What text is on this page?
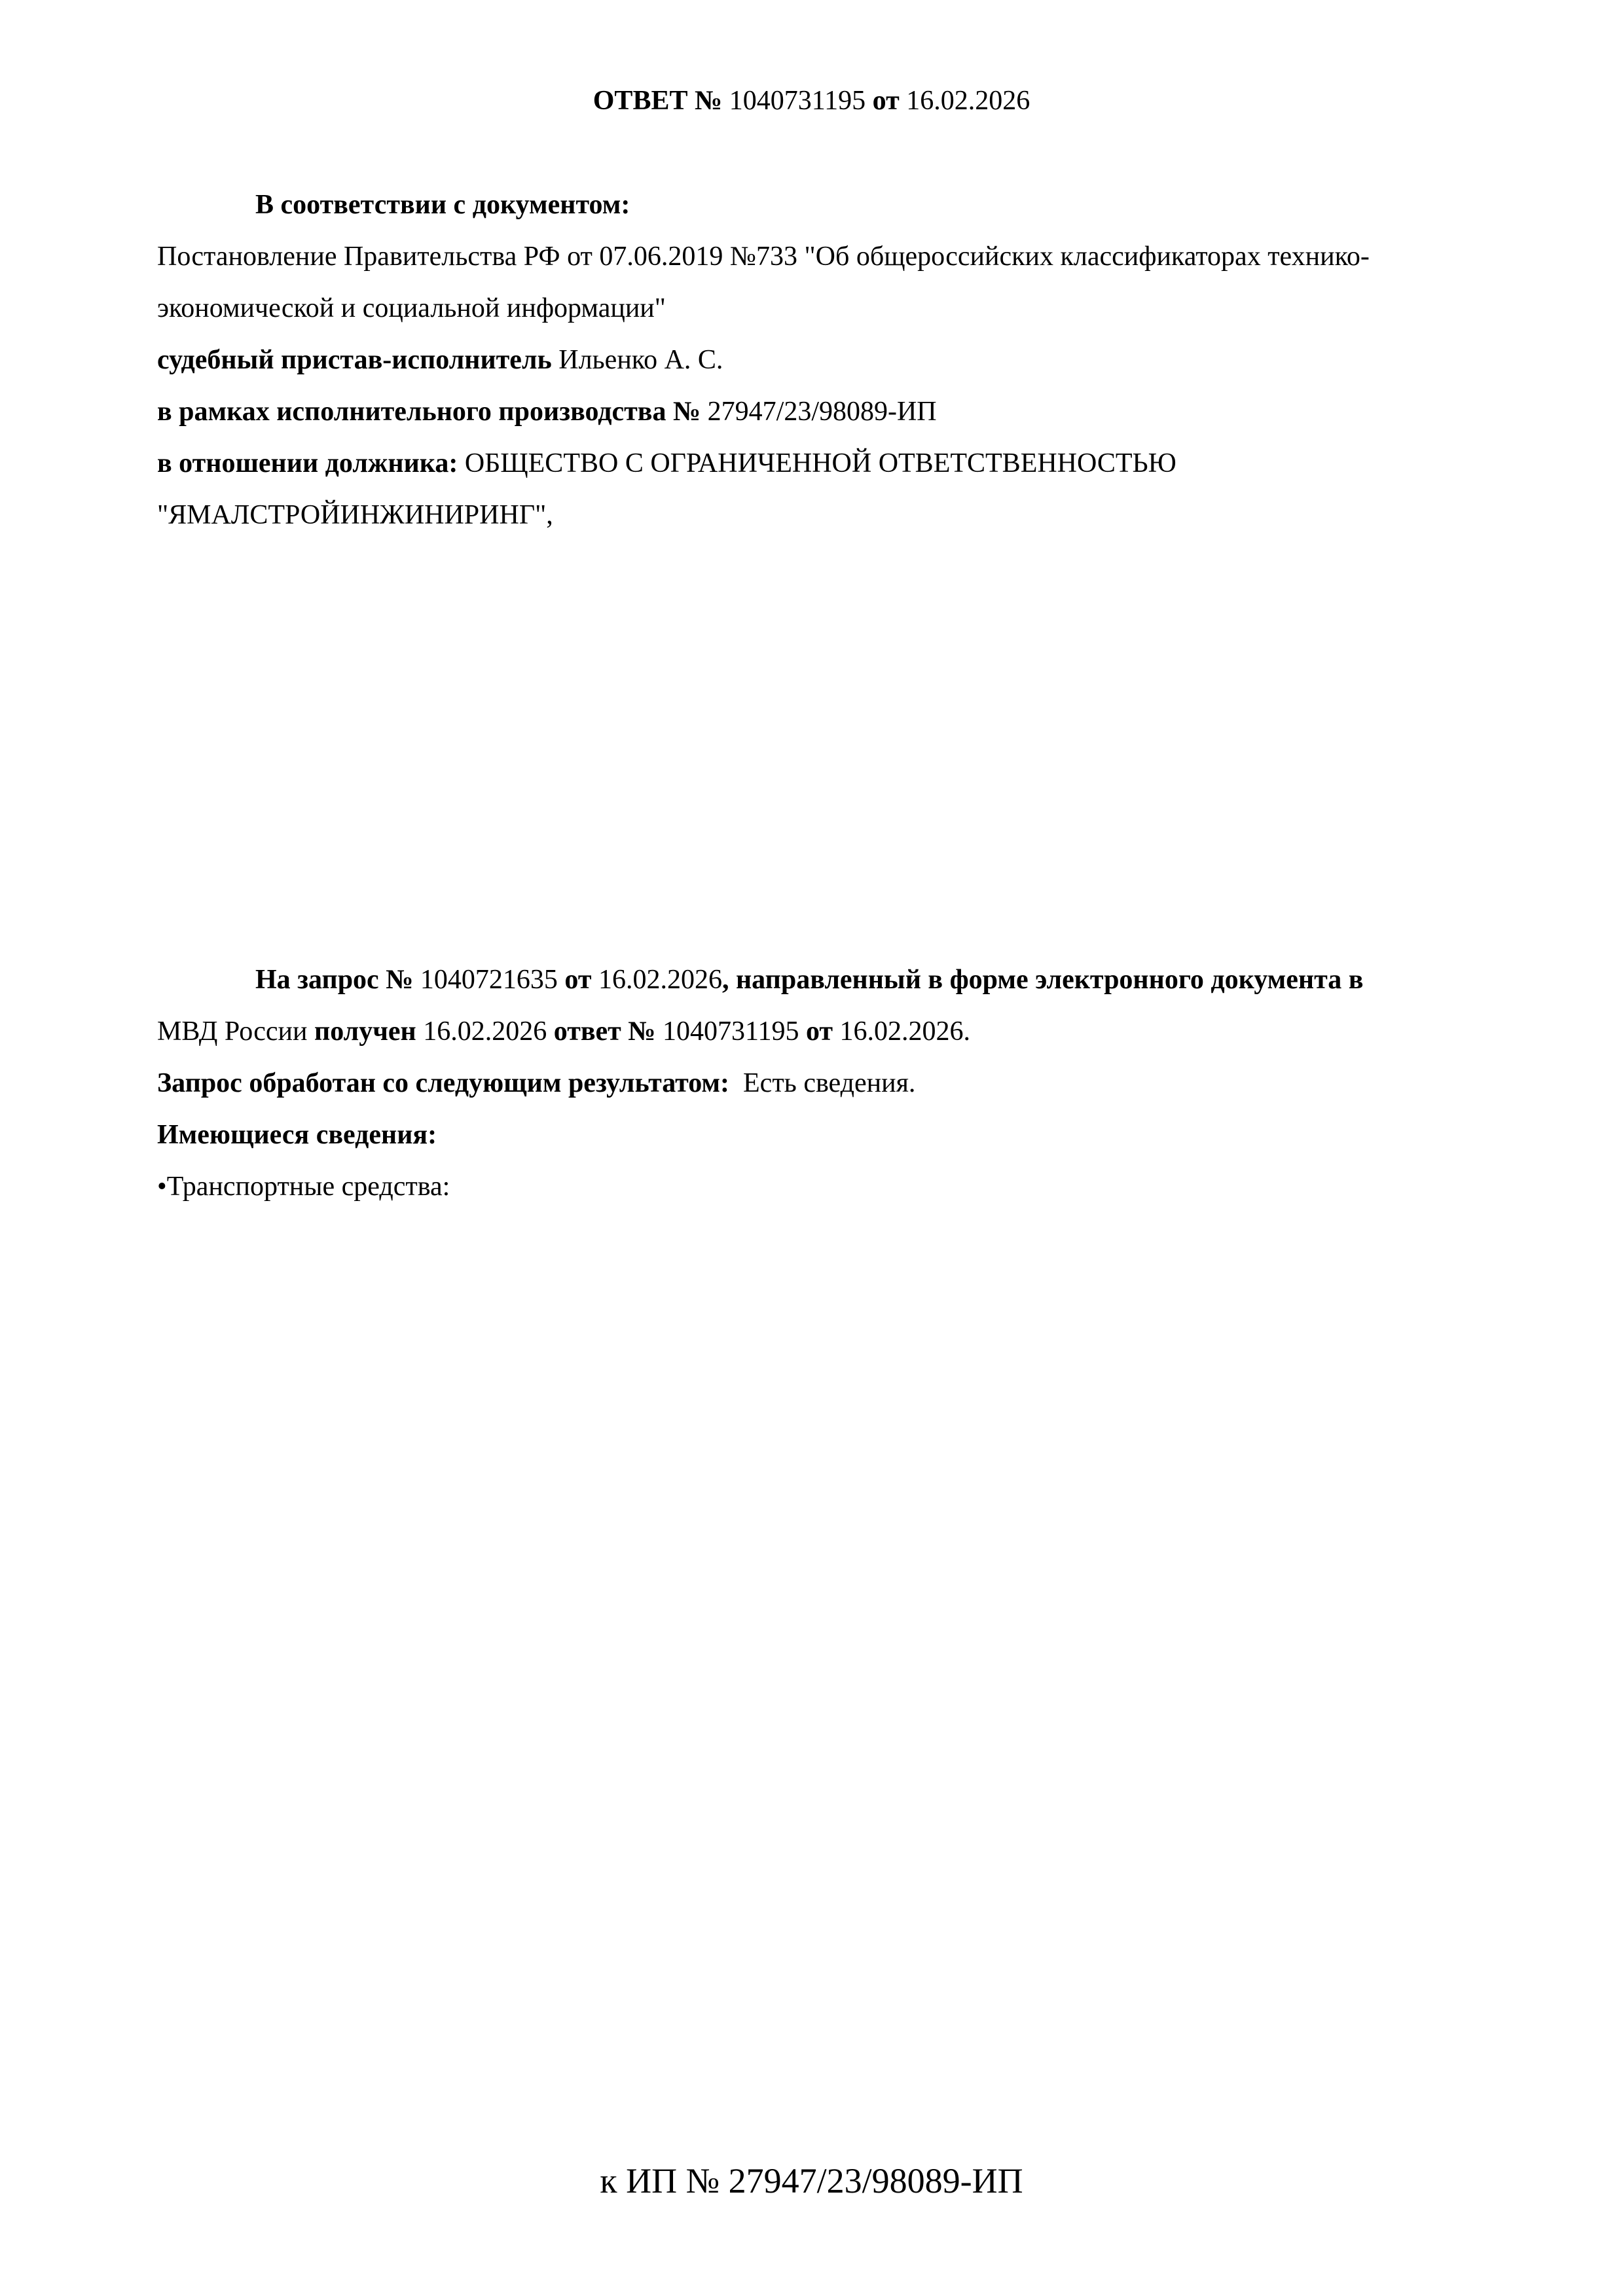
ОТВЕТ № 1040731195 от 16.02.2026
В соответствии с документом:
Постановление Правительства РФ от 07.06.2019 №733 "Об общероссийских классификаторах технико-
экономической и социальной информации"
судебный пристав-исполнитель Ильенко А. С.
в рамках исполнительного производства № 27947/23/98089-ИП
в отношении должника: ОБЩЕСТВО С ОГРАНИЧЕННОЙ ОТВЕТСТВЕННОСТЬЮ
"ЯМАЛСТРОЙИНЖИНИРИНГ",
На запрос № 1040721635 от 16.02.2026, направленный в форме электронного документа в
МВД России получен 16.02.2026 ответ № 1040731195 от 16.02.2026.
Запрос обработан со следующим результатом: Есть сведения.
Имеющиеся сведения:
•Транспортные средства:
к ИП № 27947/23/98089-ИП
